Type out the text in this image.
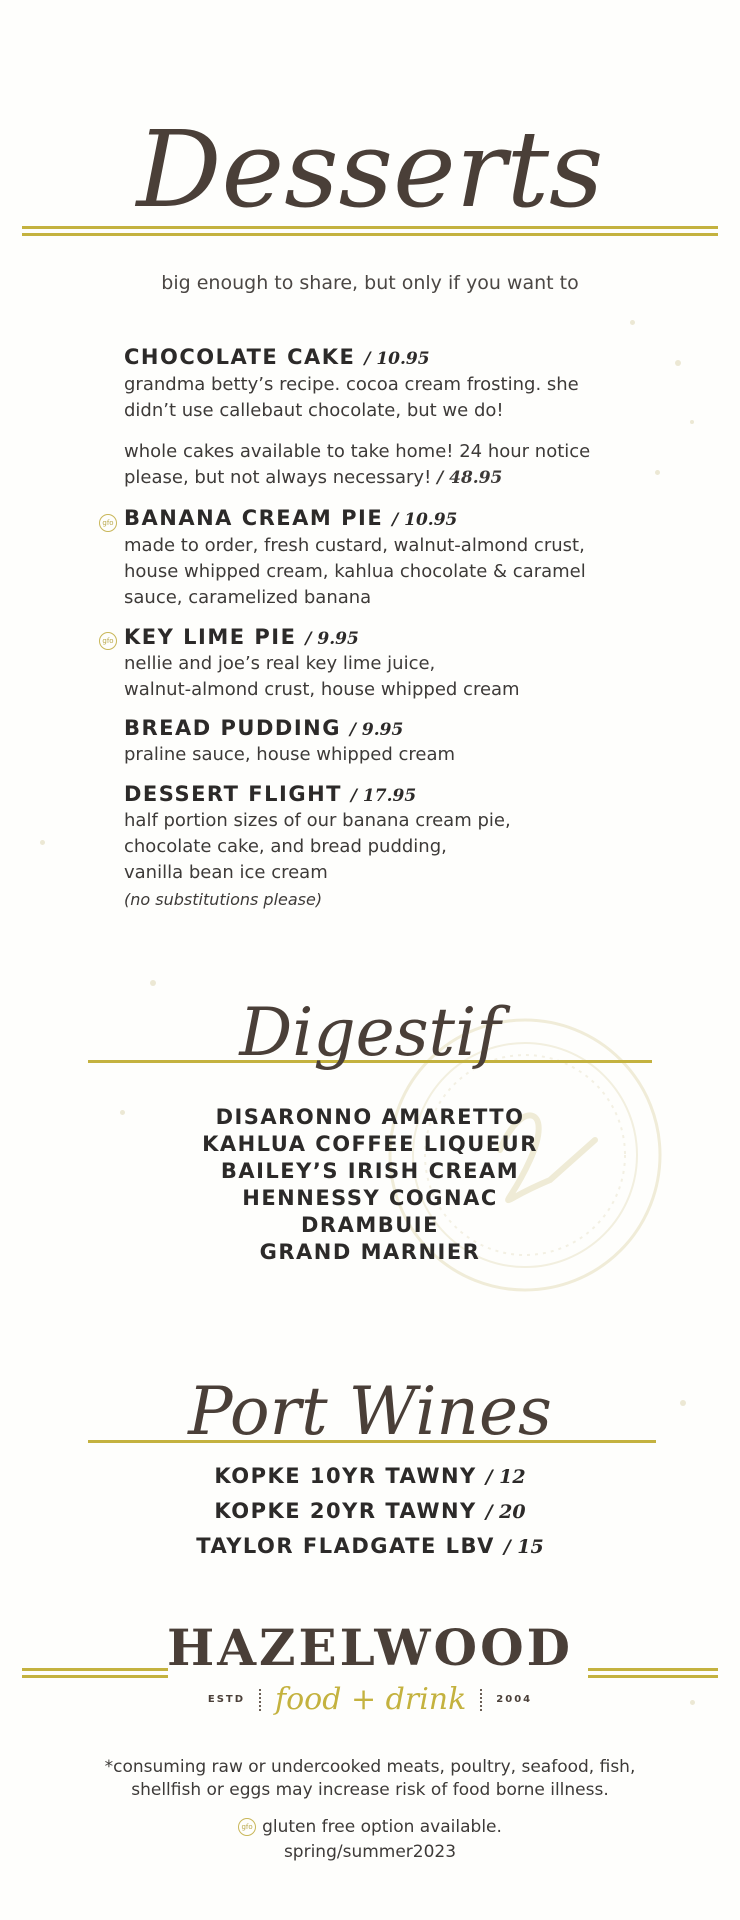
Desserts
big enough to share, but only if you want to
CHOCOLATE CAKE / 10.95
grandma betty’s recipe. cocoa cream frosting. she
didn’t use callebaut chocolate, but we do!
whole cakes available to take home! 24 hour notice
please, but not always necessary! / 48.95
gfo BANANA CREAM PIE / 10.95
made to order, fresh custard, walnut-almond crust,
house whipped cream, kahlua chocolate & caramel
sauce, caramelized banana
gfo KEY LIME PIE / 9.95
nellie and joe’s real key lime juice,
walnut-almond crust, house whipped cream
BREAD PUDDING / 9.95
praline sauce, house whipped cream
DESSERT FLIGHT / 17.95
half portion sizes of our banana cream pie,
chocolate cake, and bread pudding,
vanilla bean ice cream
(no substitutions please)
Digestif
DISARONNO AMARETTO
KAHLUA COFFEE LIQUEUR
BAILEY’S IRISH CREAM
HENNESSY COGNAC
DRAMBUIE
GRAND MARNIER
Port Wines
KOPKE 10YR TAWNY / 12
KOPKE 20YR TAWNY / 20
TAYLOR FLADGATE LBV / 15
HAZELWOOD
ESTD food + drink	2004
*consuming raw or undercooked meats, poultry, seafood, fish,
shellfish or eggs may increase risk of food borne illness.
gfo gluten free option available.
spring/summer2023
